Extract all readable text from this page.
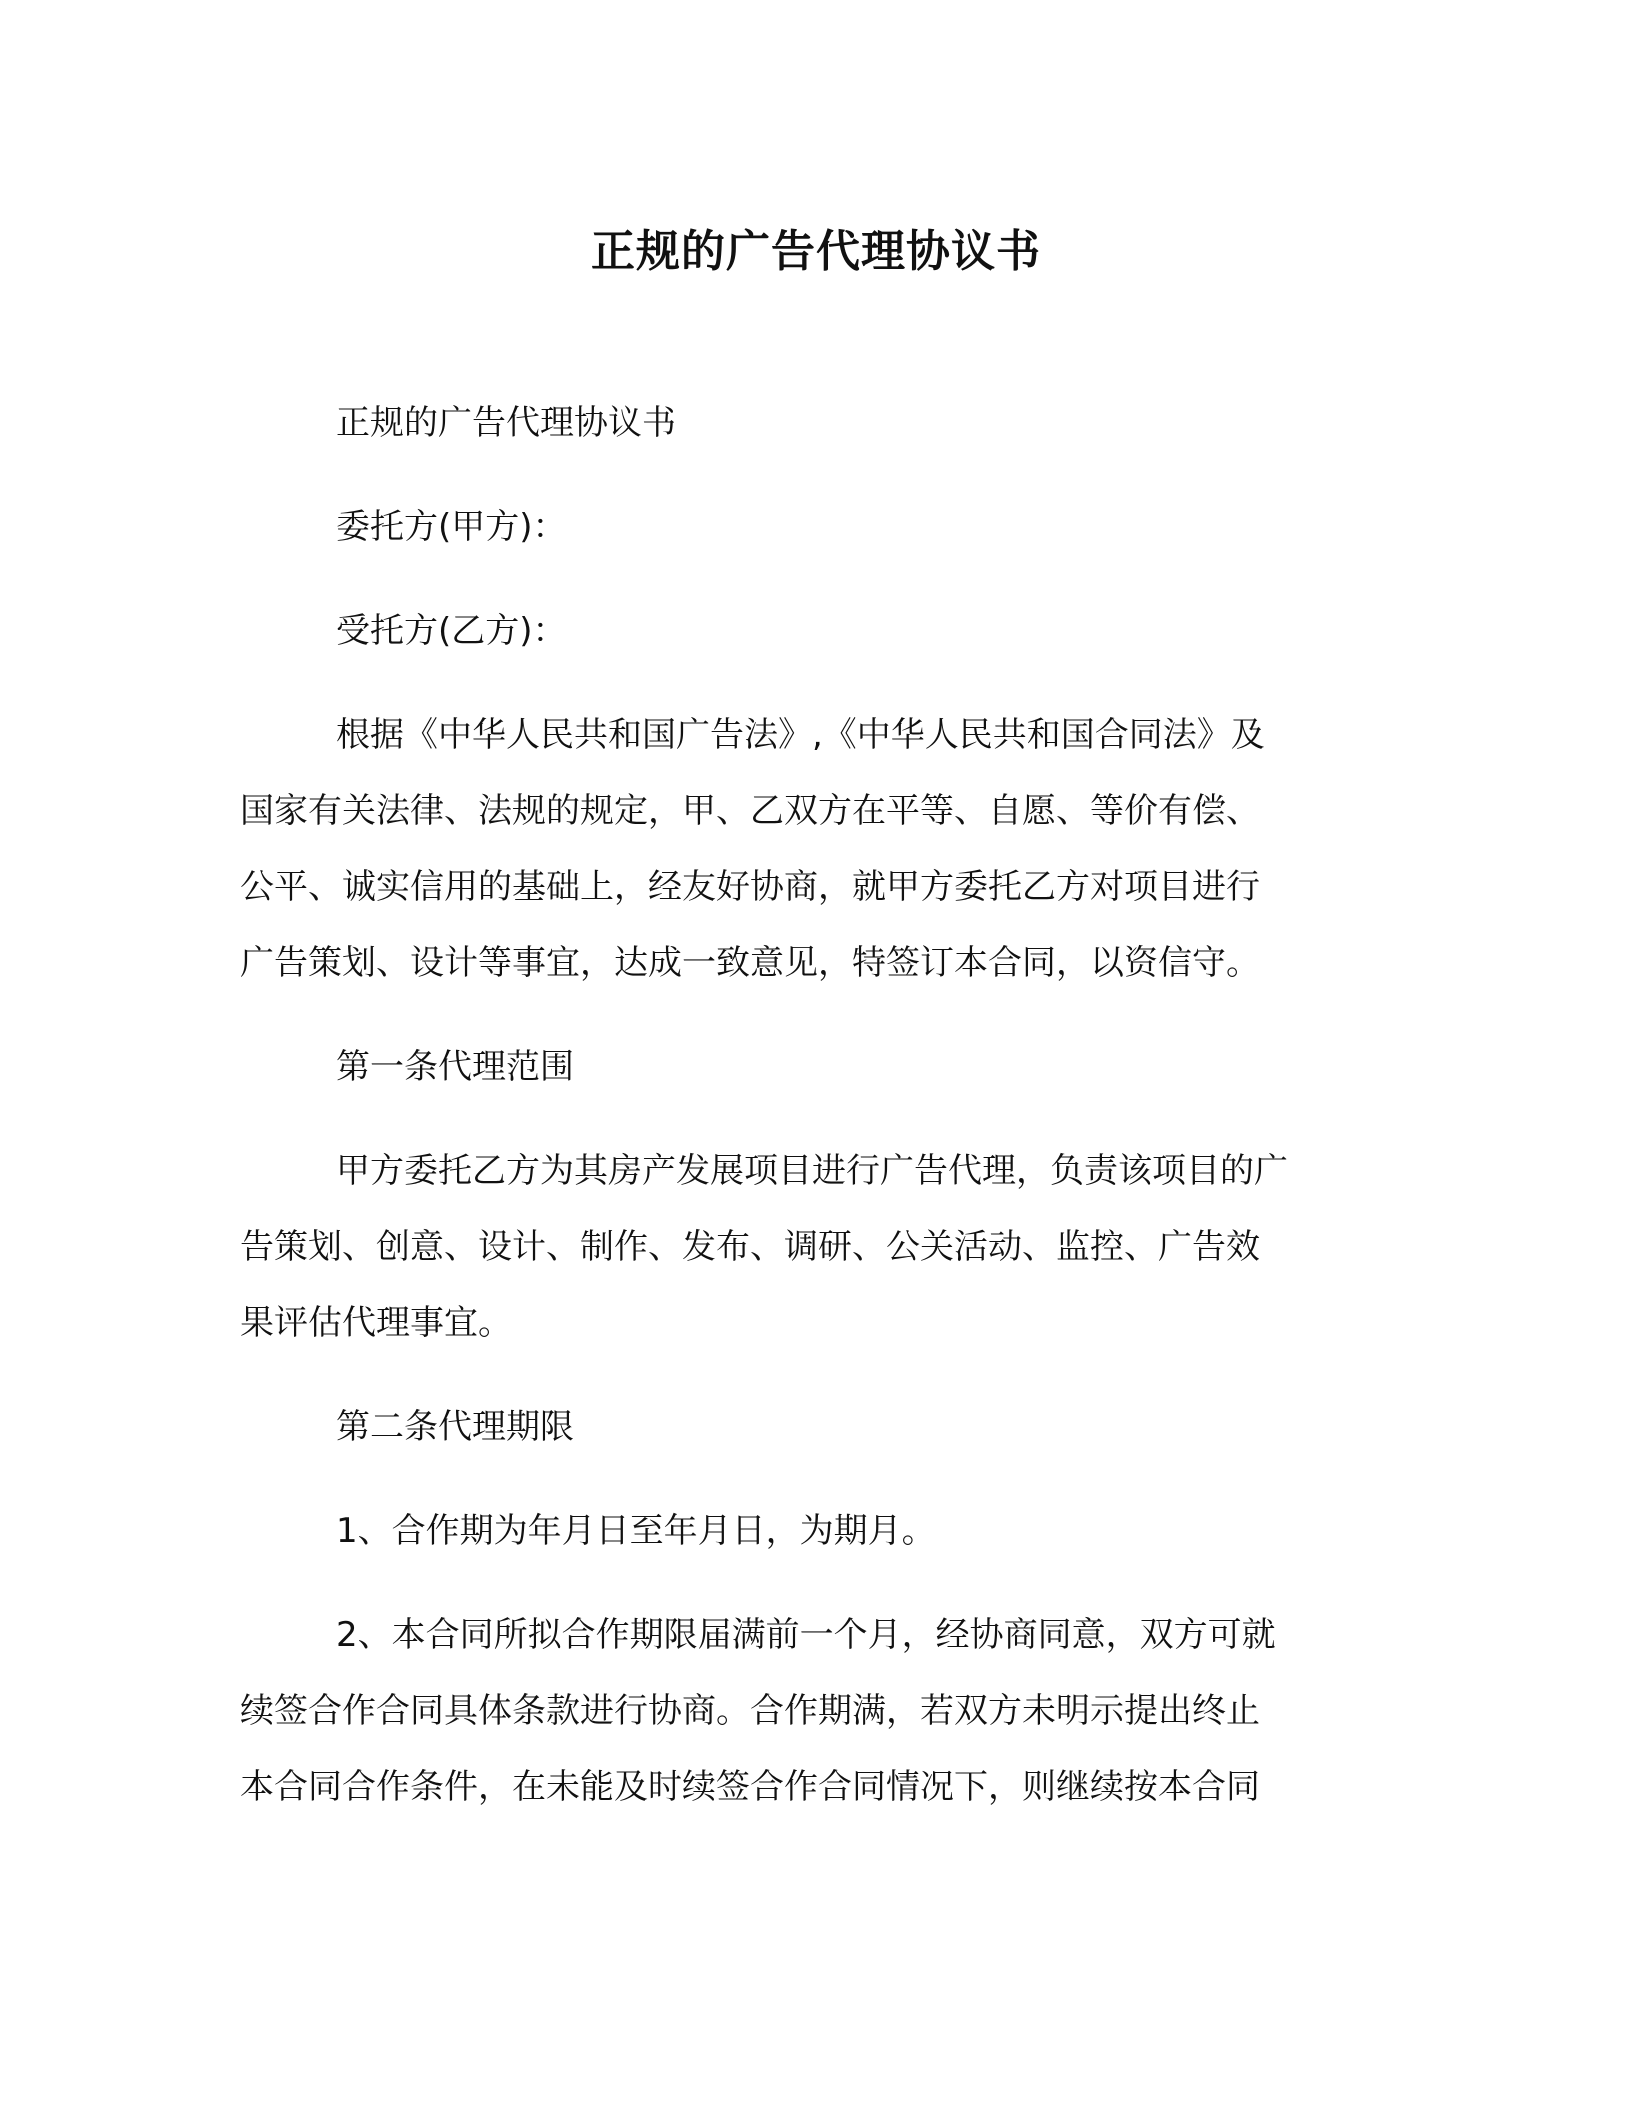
正规的广告代理协议书

正规的广告代理协议书

委托方(甲方)：

受托方(乙方)：

根据《中华人民共和国广告法》,《中华人民共和国合同法》及
国家有关法律、法规的规定，甲、乙双方在平等、自愿、等价有偿、
公平、诚实信用的基础上，经友好协商，就甲方委托乙方对项目进行
广告策划、设计等事宜，达成一致意见，特签订本合同，以资信守。

第一条代理范围

甲方委托乙方为其房产发展项目进行广告代理，负责该项目的广
告策划、创意、设计、制作、发布、调研、公关活动、监控、广告效
果评估代理事宜。

第二条代理期限

1、合作期为年月日至年月日，为期月。

2、本合同所拟合作期限届满前一个月，经协商同意，双方可就
续签合作合同具体条款进行协商。合作期满，若双方未明示提出终止
本合同合作条件，在未能及时续签合作合同情况下，则继续按本合同
